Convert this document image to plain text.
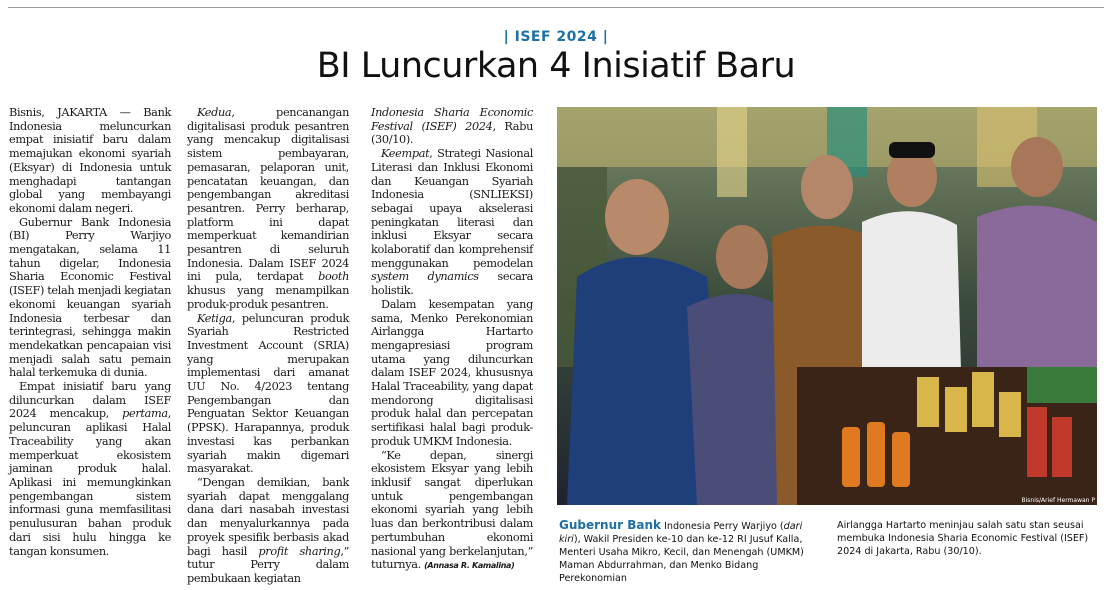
| ISEF 2024 |
BI Luncurkan 4 Inisiatif Baru

Bisnis, JAKARTA — Bank Indonesia meluncurkan empat inisiatif baru dalam memajukan ekonomi syariah (Eksyar) di Indonesia untuk menghadapi tantangan global yang membayangi ekonomi dalam negeri.

Gubernur Bank Indonesia (BI) Perry Warjiyo mengatakan, selama 11 tahun digelar, Indonesia Sharia Economic Festival (ISEF) telah menjadi kegiatan ekonomi keuangan syariah Indonesia terbesar dan terintegrasi, sehingga makin mendekatkan pencapaian visi menjadi salah satu pemain halal terkemuka di dunia.

Empat inisiatif baru yang diluncurkan dalam ISEF 2024 mencakup, pertama, peluncuran aplikasi Halal Traceability yang akan memperkuat ekosistem jaminan produk halal. Aplikasi ini memungkinkan pengembangan sistem informasi guna memfasilitasi penulusuran bahan produk dari sisi hulu hingga ke tangan konsumen.

Kedua, pencanangan digitalisasi produk pesantren yang mencakup digitalisasi sistem pembayaran, pemasaran, pelaporan unit, pencatatan keuangan, dan pengembangan akreditasi pesantren. Perry berharap, platform ini dapat memperkuat kemandirian pesantren di seluruh Indonesia. Dalam ISEF 2024 ini pula, terdapat booth khusus yang menampilkan produk-produk pesantren.

Ketiga, peluncuran produk Syariah Restricted Investment Account (SRIA) yang merupakan implementasi dari amanat UU No. 4/2023 tentang Pengembangan dan Penguatan Sektor Keuangan (PPSK). Harapannya, produk investasi kas perbankan syariah makin digemari masyarakat.

“Dengan demikian, bank syariah dapat menggalang dana dari nasabah investasi dan menyalurkannya pada proyek spesifik berbasis akad bagi hasil profit sharing,” tutur Perry dalam pembukaan kegiatan

Indonesia Sharia Economic Festival (ISEF) 2024, Rabu (30/10).

Keempat, Strategi Nasional Literasi dan Inklusi Ekonomi dan Keuangan Syariah Indonesia (SNLIEKSI) sebagai upaya akselerasi peningkatan literasi dan inklusi Eksyar secara kolaboratif dan komprehensif menggunakan pemodelan system dynamics secara holistik.

Dalam kesempatan yang sama, Menko Perekonomian Airlangga Hartarto mengapresiasi program utama yang diluncurkan dalam ISEF 2024, khususnya Halal Traceability, yang dapat mendorong digitalisasi produk halal dan percepatan sertifikasi halal bagi produk-produk UMKM Indonesia.

“Ke depan, sinergi ekosistem Eksyar yang lebih inklusif sangat diperlukan untuk pengembangan ekonomi syariah yang lebih luas dan berkontribusi dalam pertumbuhan ekonomi nasional yang berkelanjutan,” tuturnya. (Annasa R. Kamalina)

Bisnis/Arief Hermawan P
Gubernur Bank Indonesia Perry Warjiyo (dari kiri), Wakil Presiden ke-10 dan ke-12 RI Jusuf Kalla, Menteri Usaha Mikro, Kecil, dan Menengah (UMKM) Maman Abdurrahman, dan Menko Bidang Perekonomian
Airlangga Hartarto meninjau salah satu stan seusai membuka Indonesia Sharia Economic Festival (ISEF) 2024 di Jakarta, Rabu (30/10).
